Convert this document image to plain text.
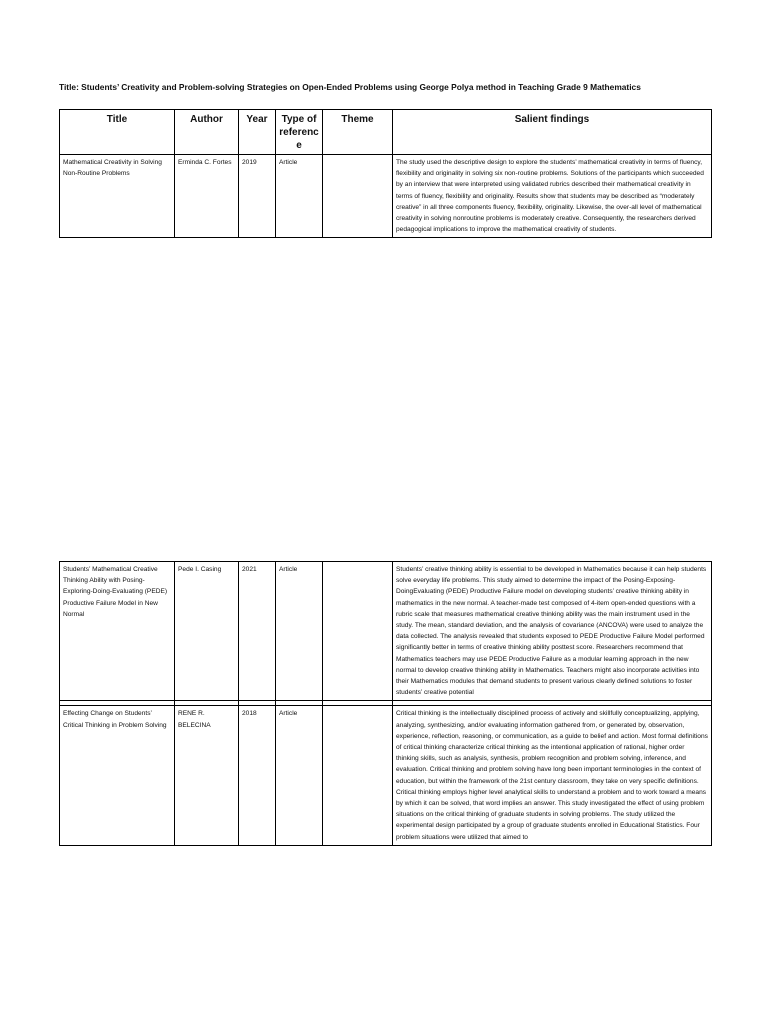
Title: Students’ Creativity and Problem-solving Strategies on Open-Ended Problems using George Polya method in Teaching Grade 9 Mathematics
Title	Author	Year	Type of reference	Theme	Salient findings
Mathematical Creativity in Solving Non-Routine Problems	Erminda C. Fortes	2019	Article		The study used the descriptive design to explore the students’ mathematical creativity in terms of fluency, flexibility and originality in solving six non-routine problems. Solutions of the participants which succeeded by an interview that were interpreted using validated rubrics described their mathematical creativity in terms of fluency, flexibility and originality. Results show that students may be described as “moderately creative” in all three components fluency, flexibility, originality. Likewise, the over-all level of mathematical creativity in solving nonroutine problems is moderately creative. Consequently, the researchers derived pedagogical implications to improve the mathematical creativity of students.
Students’ Mathematical Creative Thinking Ability with Posing-Exploring-Doing-Evaluating (PEDE) Productive Failure Model in New Normal	Pede I. Casing	2021	Article		Students’ creative thinking ability is essential to be developed in Mathematics because it can help students solve everyday life problems. This study aimed to determine the impact of the Posing-Exposing-DoingEvaluating (PEDE) Productive Failure model on developing students’ creative thinking ability in mathematics in the new normal. A teacher-made test composed of 4-item open-ended questions with a rubric scale that measures mathematical creative thinking ability was the main instrument used in the study. The mean, standard deviation, and the analysis of covariance (ANCOVA) were used to analyze the data collected. The analysis revealed that students exposed to PEDE Productive Failure Model performed significantly better in terms of creative thinking ability posttest score. Researchers recommend that Mathematics teachers may use PEDE Productive Failure as a modular learning approach in the new normal to develop creative thinking ability in Mathematics. Teachers might also incorporate activities into their Mathematics modules that demand students to present various clearly defined solutions to foster students’ creative potential

Effecting Change on Students’ Critical Thinking in Problem Solving	RENE R. BELECINA	2018	Article		Critical thinking is the intellectually disciplined process of actively and skillfully conceptualizing, applying, analyzing, synthesizing, and/or evaluating information gathered from, or generated by, observation, experience, reflection, reasoning, or communication, as a guide to belief and action. Most formal definitions of critical thinking characterize critical thinking as the intentional application of rational, higher order thinking skills, such as analysis, synthesis, problem recognition and problem solving, inference, and evaluation. Critical thinking and problem solving have long been important terminologies in the context of education, but within the framework of the 21st century classroom, they take on very specific definitions. Critical thinking employs higher level analytical skills to understand a problem and to work toward a means by which it can be solved, that word implies an answer. This study investigated the effect of using problem situations on the critical thinking of graduate students in solving problems. The study utilized the experimental design participated by a group of graduate students enrolled in Educational Statistics. Four problem situations were utilized that aimed to
